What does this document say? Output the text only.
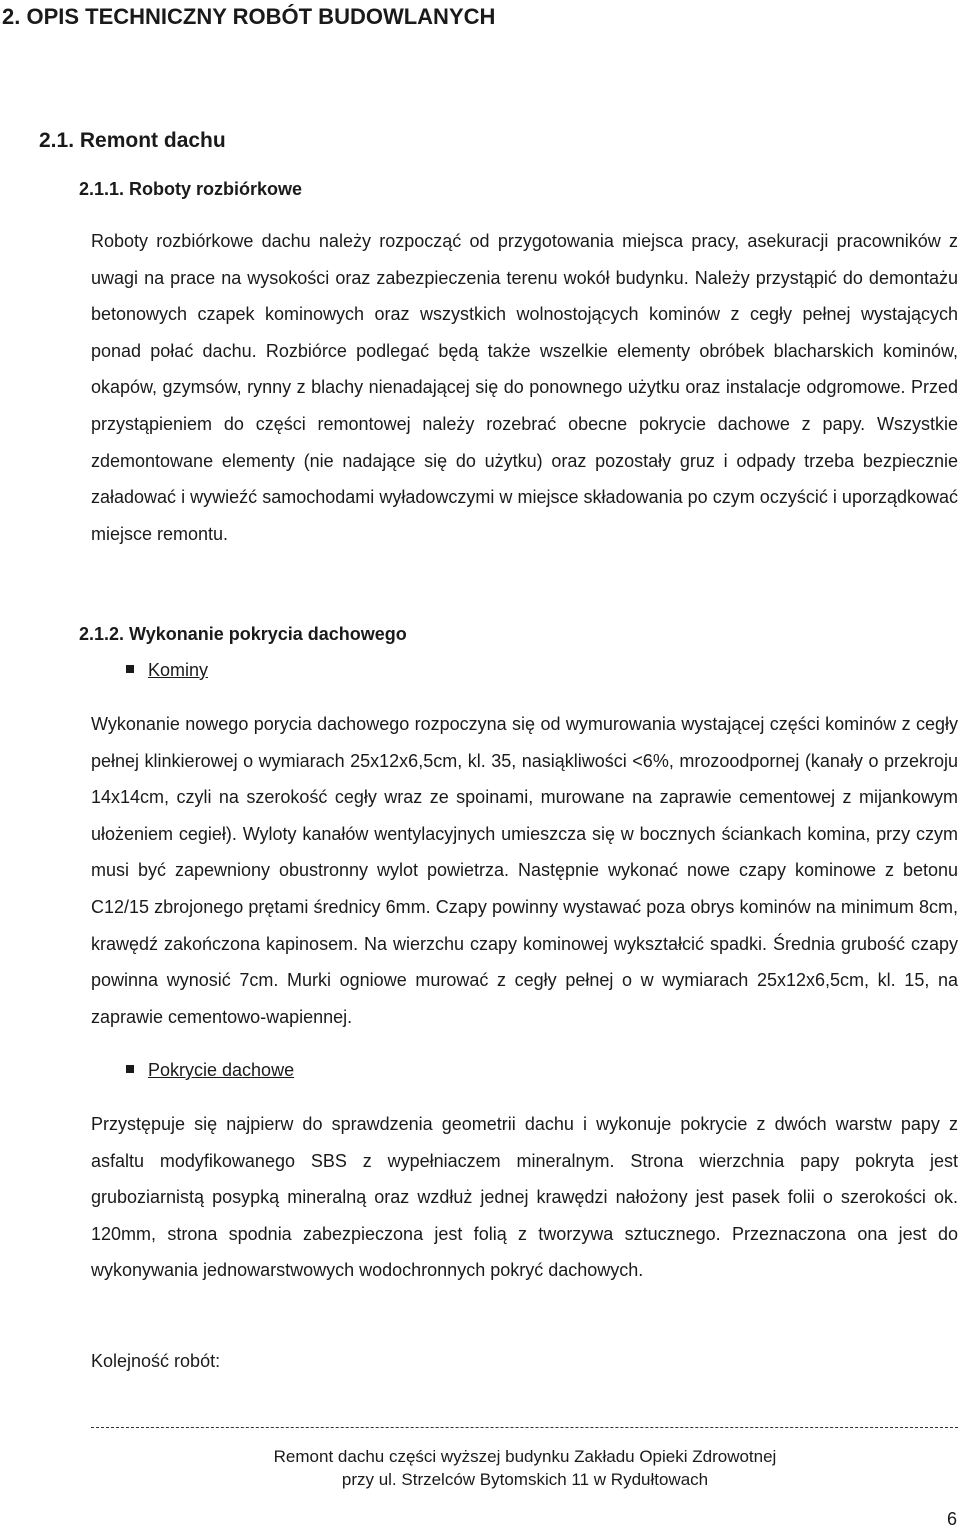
2. OPIS TECHNICZNY ROBÓT BUDOWLANYCH
2.1. Remont dachu
2.1.1. Roboty rozbiórkowe

Roboty rozbiórkowe dachu należy rozpocząć od przygotowania miejsca pracy, asekuracji pracowników z uwagi na prace na wysokości oraz zabezpieczenia terenu wokół budynku. Należy przystąpić do demontażu betonowych czapek kominowych oraz wszystkich wolnostojących kominów z cegły pełnej wystających ponad połać dachu. Rozbiórce podlegać będą także wszelkie elementy obróbek blacharskich kominów, okapów, gzymsów, rynny z blachy nienadającej się do ponownego użytku oraz instalacje odgromowe. Przed przystąpieniem do części remontowej należy rozebrać obecne pokrycie dachowe z papy. Wszystkie zdemontowane elementy (nie nadające się do użytku) oraz pozostały gruz i odpady trzeba bezpiecznie załadować i wywieźć samochodami wyładowczymi w miejsce składowania po czym oczyścić i uporządkować miejsce remontu.

2.1.2. Wykonanie pokrycia dachowego
Kominy

Wykonanie nowego porycia dachowego rozpoczyna się od wymurowania wystającej części kominów z cegły pełnej klinkierowej o wymiarach 25x12x6,5cm, kl. 35, nasiąkliwości <6%, mrozoodpornej (kanały o przekroju 14x14cm, czyli na szerokość cegły wraz ze spoinami, murowane na zaprawie cementowej z mijankowym ułożeniem cegieł). Wyloty kanałów wentylacyjnych umieszcza się w bocznych ściankach komina, przy czym musi być zapewniony obustronny wylot powietrza. Następnie wykonać nowe czapy kominowe z betonu C12/15 zbrojonego prętami średnicy 6mm. Czapy powinny wystawać poza obrys kominów na minimum 8cm, krawędź zakończona kapinosem. Na wierzchu czapy kominowej wykształcić spadki. Średnia grubość czapy powinna wynosić 7cm. Murki ogniowe murować z cegły pełnej o w wymiarach 25x12x6,5cm, kl. 15, na zaprawie cementowo-wapiennej.

Pokrycie dachowe

Przystępuje się najpierw do sprawdzenia geometrii dachu i wykonuje pokrycie z dwóch warstw papy z asfaltu modyfikowanego SBS z wypełniaczem mineralnym. Strona wierzchnia papy pokryta jest gruboziarnistą posypką mineralną oraz wzdłuż jednej krawędzi nałożony jest pasek folii o szerokości ok. 120mm, strona spodnia zabezpieczona jest folią z tworzywa sztucznego. Przeznaczona ona jest do wykonywania jednowarstwowych wodochronnych pokryć dachowych.

Kolejność robót:
Remont dachu części wyższej budynku Zakładu Opieki Zdrowotnej
przy ul. Strzelców Bytomskich 11 w Rydułtowach
6
